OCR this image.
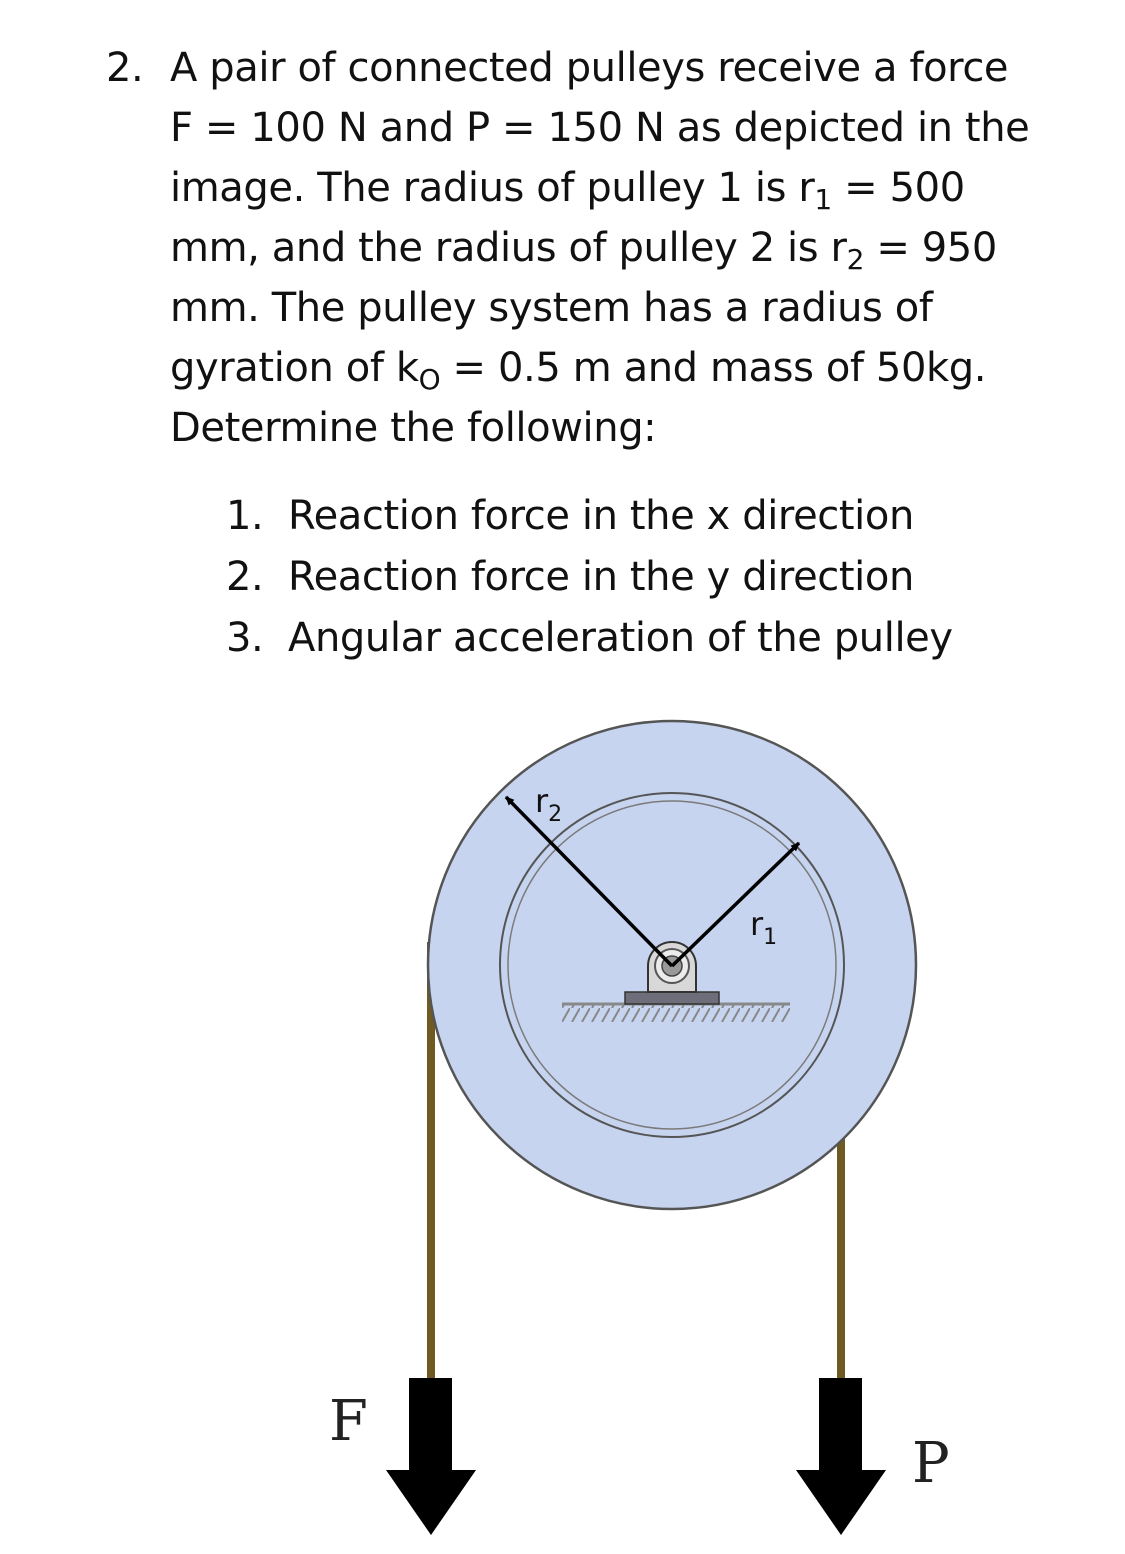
2. A pair of connected pulleys receive a force
F = 100 N and P = 150 N as depicted in the
image. The radius of pulley 1 is $r_1 = 500$
mm, and the radius of pulley 2 is $r_2 = 950$
mm. The pulley system has a radius of
gyration of $k_O = 0.5$ m and mass of 50kg.
Determine the following:
1. Reaction force in the x direction
2. Reaction force in the y direction
3. Angular acceleration of the pulley
$r_2$
$r_1$
F
P
